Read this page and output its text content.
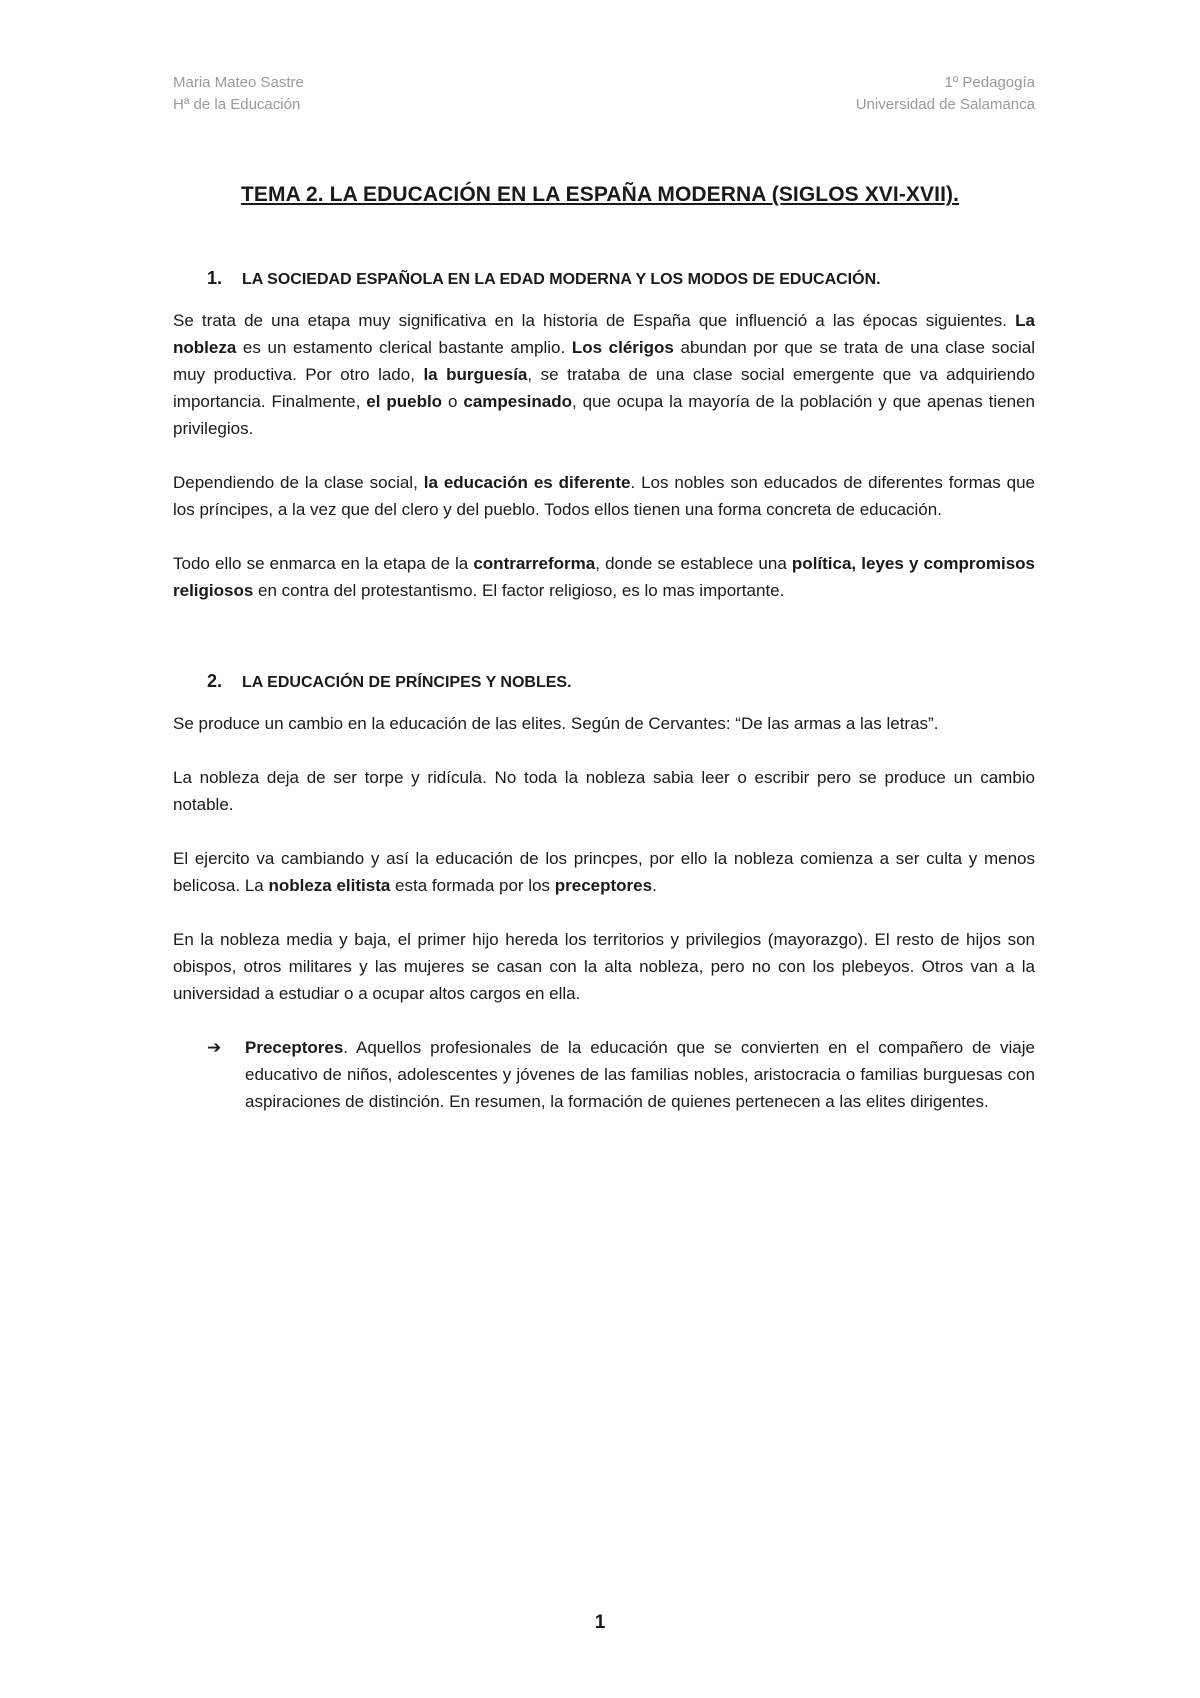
Maria Mateo Sastre
Hª de la Educación
1º Pedagogía
Universidad de Salamanca
TEMA 2. LA EDUCACIÓN EN LA ESPAÑA MODERNA (SIGLOS XVI-XVII).
1.	LA SOCIEDAD ESPAÑOLA EN LA EDAD MODERNA Y LOS MODOS DE EDUCACIÓN.

Se trata de una etapa muy significativa en la historia de España que influenció a las épocas siguientes. La nobleza es un estamento clerical bastante amplio. Los clérigos abundan por que se trata de una clase social muy productiva. Por otro lado, la burguesía, se trataba de una clase social emergente que va adquiriendo importancia. Finalmente, el pueblo o campesinado, que ocupa la mayoría de la población y que apenas tienen privilegios.

Dependiendo de la clase social, la educación es diferente. Los nobles son educados de diferentes formas que los príncipes, a la vez que del clero y del pueblo. Todos ellos tienen una forma concreta de educación.

Todo ello se enmarca en la etapa de la contrarreforma, donde se establece una política, leyes y compromisos religiosos en contra del protestantismo. El factor religioso, es lo mas importante.

2.	LA EDUCACIÓN DE PRÍNCIPES Y NOBLES.

Se produce un cambio en la educación de las elites. Según de Cervantes: “De las armas a las letras”.

La nobleza deja de ser torpe y ridícula. No toda la nobleza sabia leer o escribir pero se produce un cambio notable.

El ejercito va cambiando y así la educación de los princpes, por ello la nobleza comienza a ser culta y menos belicosa. La nobleza elitista esta formada por los preceptores.

En la nobleza media y baja, el primer hijo hereda los territorios y privilegios (mayorazgo). El resto de hijos son obispos, otros militares y las mujeres se casan con la alta nobleza, pero no con los plebeyos. Otros van a la universidad a estudiar o a ocupar altos cargos en ella.

➔	Preceptores. Aquellos profesionales de la educación que se convierten en el compañero de viaje educativo de niños, adolescentes y jóvenes de las familias nobles, aristocracia o familias burguesas con aspiraciones de distinción. En resumen, la formación de quienes pertenecen a las elites dirigentes.
1
